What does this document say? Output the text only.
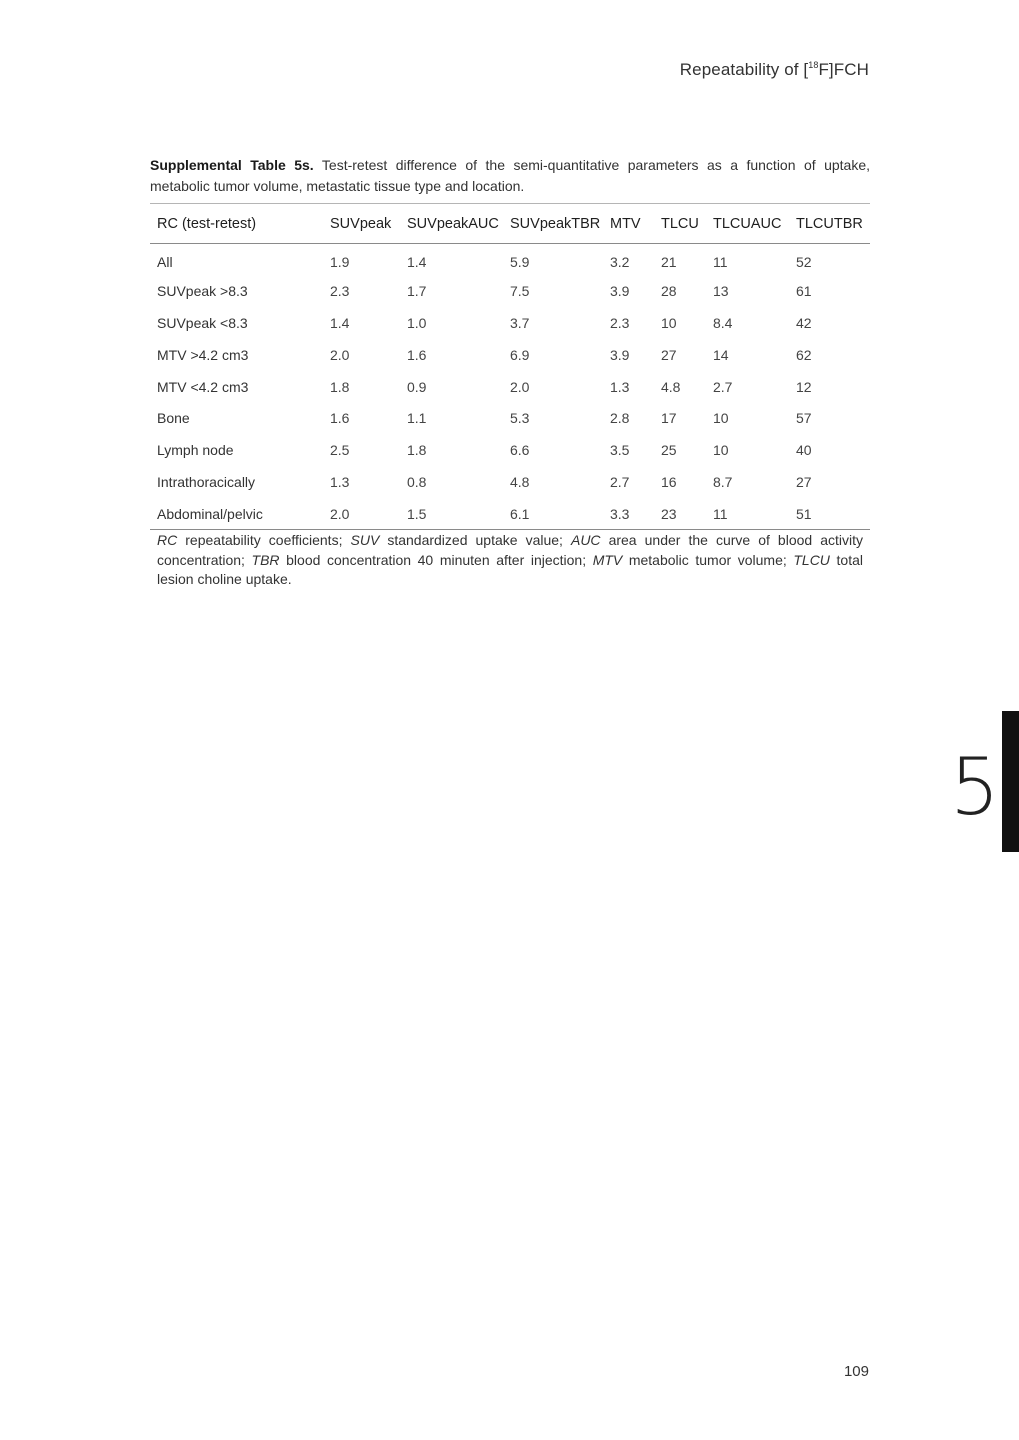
Repeatability of [$^{18}$F]FCH
Supplemental Table 5s. Test-retest difference of the semi-quantitative parameters as a function of uptake, metabolic tumor volume, metastatic tissue type and location.
RC (test-retest)	SUVpeak	SUVpeakAUC	SUVpeakTBR	MTV	TLCU	TLCUAUC	TLCUTBR
All	1.9	1.4	5.9	3.2	21	11	52
SUVpeak >8.3	2.3	1.7	7.5	3.9	28	13	61
SUVpeak <8.3	1.4	1.0	3.7	2.3	10	8.4	42
MTV >4.2 cm3	2.0	1.6	6.9	3.9	27	14	62
MTV <4.2 cm3	1.8	0.9	2.0	1.3	4.8	2.7	12
Bone	1.6	1.1	5.3	2.8	17	10	57
Lymph node	2.5	1.8	6.6	3.5	25	10	40
Intrathoracically	1.3	0.8	4.8	2.7	16	8.7	27
Abdominal/pelvic	2.0	1.5	6.1	3.3	23	11	51
RC repeatability coefficients; SUV standardized uptake value; AUC area under the curve of blood activity concentration; TBR blood concentration 40 minuten after injection; MTV metabolic tumor volume; TLCU total lesion choline uptake.
5
109
